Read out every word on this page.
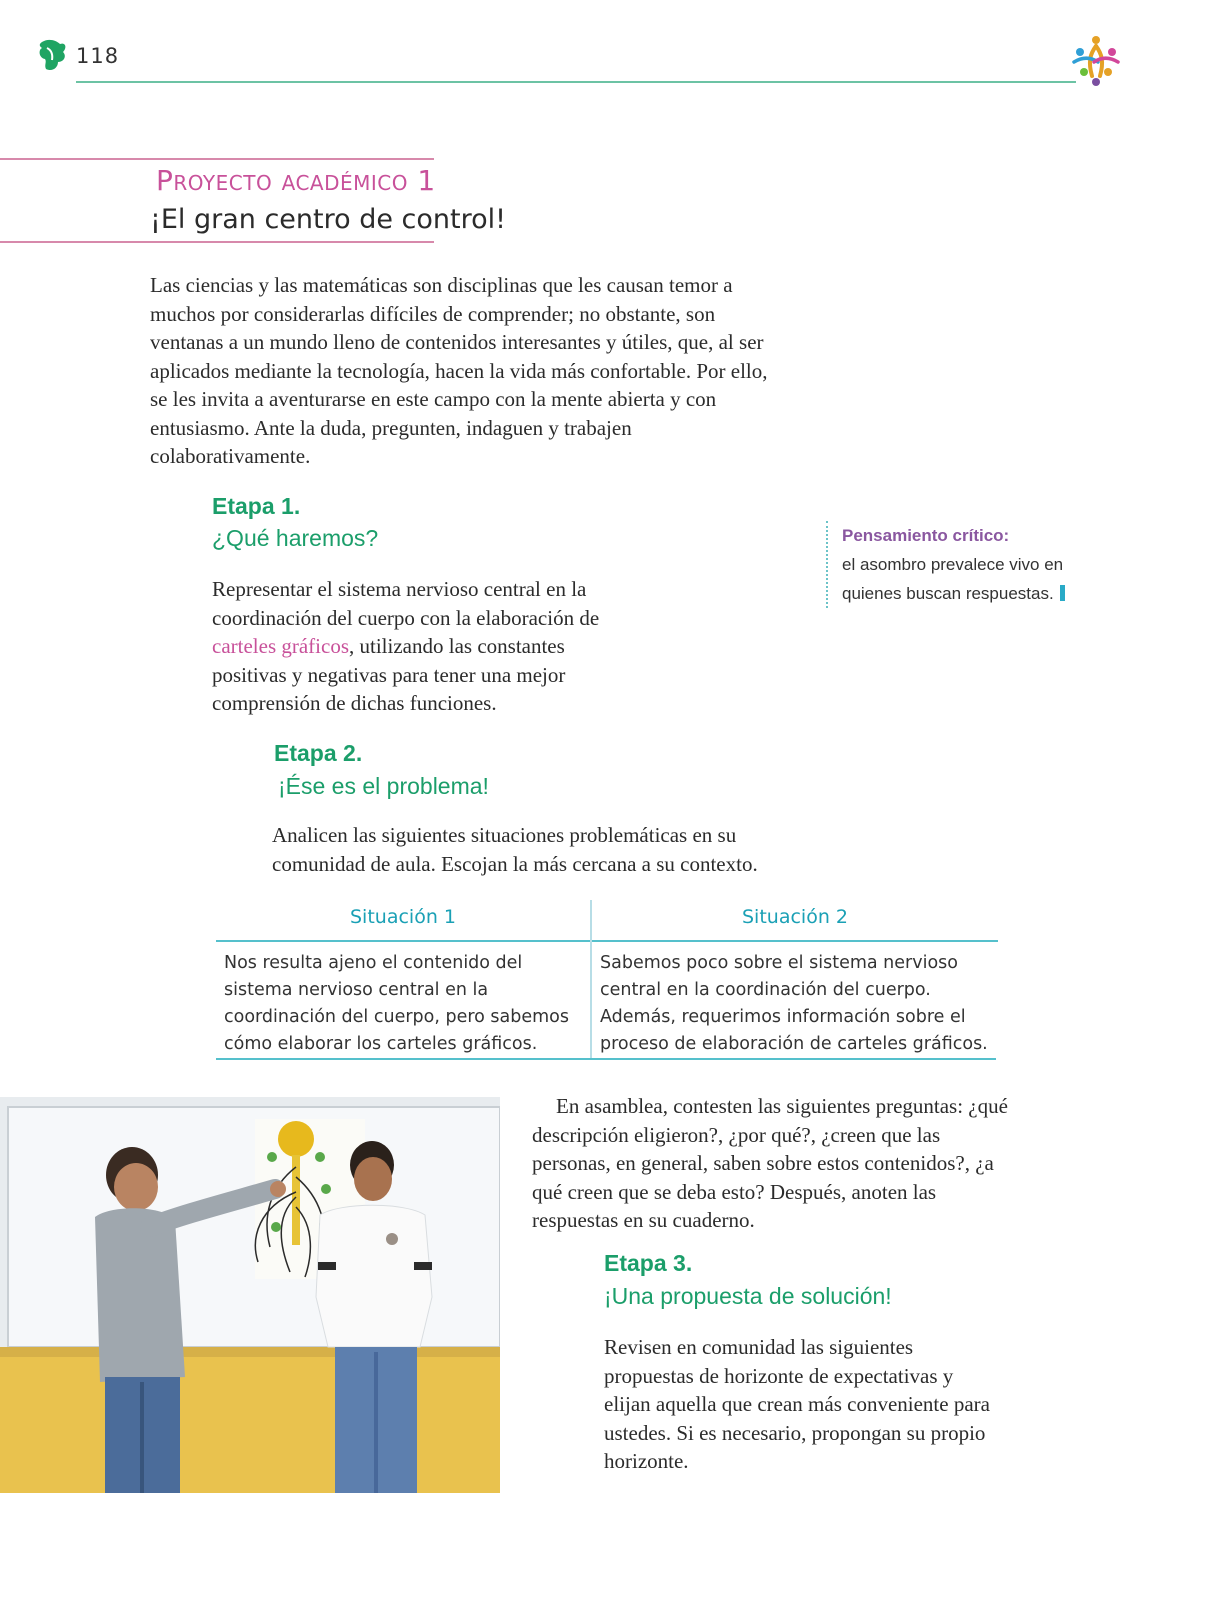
118
Proyecto académico 1
¡El gran centro de control!
Las ciencias y las matemáticas son disciplinas que les causan temor a muchos por considerarlas difíciles de comprender; no obstante, son ventanas a un mundo lleno de contenidos interesantes y útiles, que, al ser aplicados mediante la tecnología, hacen la vida más confortable. Por ello, se les invita a aventurarse en este campo con la mente abierta y con entusiasmo. Ante la duda, pregunten, indaguen y trabajen colaborativamente.
Etapa 1.
¿Qué haremos?
Representar el sistema nervioso central en la coordinación del cuerpo con la elaboración de carteles gráficos, utilizando las constantes positivas y negativas para tener una mejor comprensión de dichas funciones.
Pensamiento crítico:
el asombro prevalece vivo en quienes buscan respuestas.
Etapa 2.
¡Ése es el problema!
Analicen las siguientes situaciones problemáticas en su comunidad de aula. Escojan la más cercana a su contexto.
Situación 1
Nos resulta ajeno el contenido del sistema nervioso central en la coordinación del cuerpo, pero sabemos cómo elaborar los carteles gráficos.
Situación 2
Sabemos poco sobre el sistema nervioso central en la coordinación del cuerpo. Además, requerimos información sobre el proceso de elaboración de carteles gráficos.
En asamblea, contesten las siguientes preguntas: ¿qué descripción eligieron?, ¿por qué?, ¿creen que las personas, en general, saben sobre estos contenidos?, ¿a qué creen que se deba esto? Después, anoten las respuestas en su cuaderno.
Etapa 3.
¡Una propuesta de solución!
Revisen en comunidad las siguientes propuestas de horizonte de expectativas y elijan aquella que crean más conveniente para ustedes. Si es necesario, propongan su propio horizonte.
